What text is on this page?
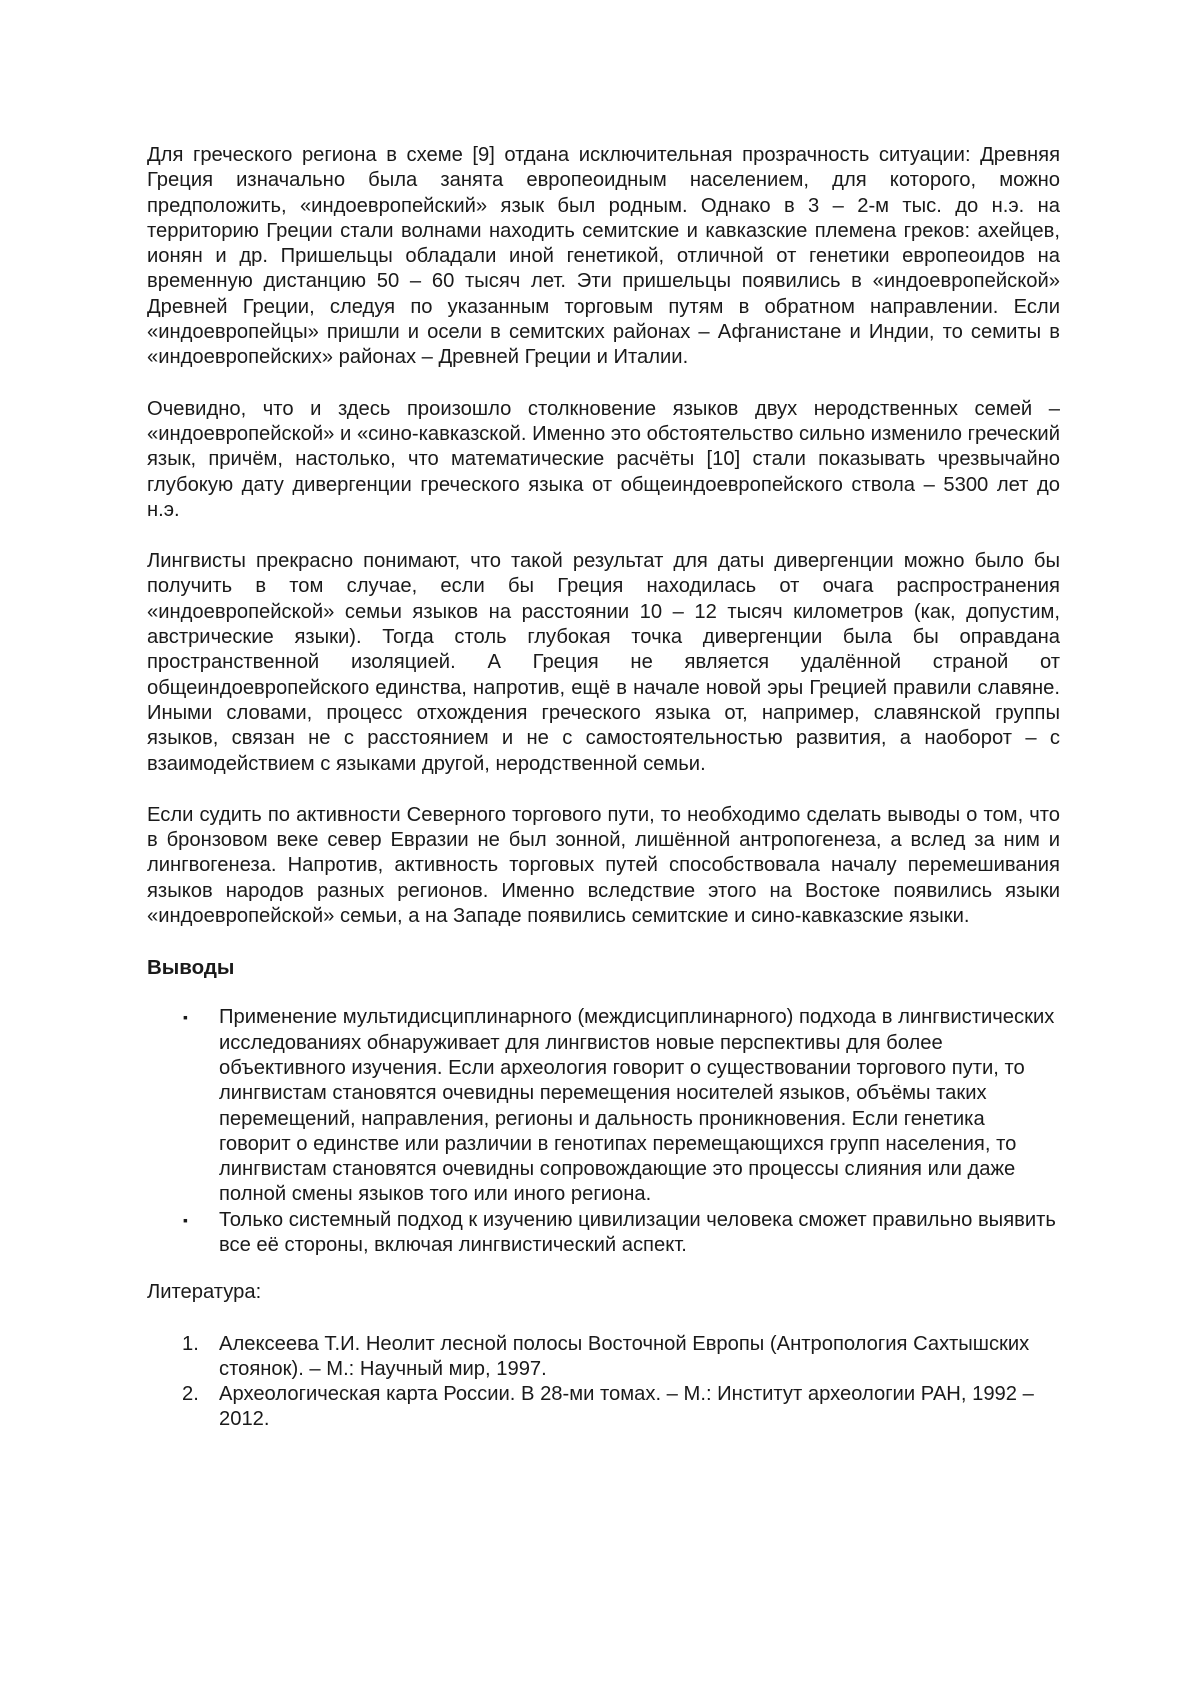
Для греческого региона в схеме [9] отдана исключительная прозрачность ситуации: Древняя Греция изначально была занята европеоидным населением, для которого, можно предположить, «индоевропейский» язык был родным. Однако в 3 – 2-м тыс. до н.э. на территорию Греции стали волнами находить семитские и кавказские племена греков: ахейцев, ионян и др. Пришельцы обладали иной генетикой, отличной от генетики европеоидов на временную дистанцию 50 – 60 тысяч лет. Эти пришельцы появились в «индоевропейской» Древней Греции, следуя по указанным торговым путям в обратном направлении. Если «индоевропейцы» пришли и осели в семитских районах – Афганистане и Индии, то семиты в «индоевропейских» районах – Древней Греции и Италии.

Очевидно, что и здесь произошло столкновение языков двух неродственных семей – «индоевропейской» и «сино-кавказской. Именно это обстоятельство сильно изменило греческий язык, причём, настолько, что математические расчёты [10] стали показывать чрезвычайно глубокую дату дивергенции греческого языка от общеиндоевропейского ствола – 5300 лет до н.э.

Лингвисты прекрасно понимают, что такой результат для даты дивергенции можно было бы получить в том случае, если бы Греция находилась от очага распространения «индоевропейской» семьи языков на расстоянии 10 – 12 тысяч километров (как, допустим, австрические языки). Тогда столь глубокая точка дивергенции была бы оправдана пространственной изоляцией. А Греция не является удалённой страной от общеиндоевропейского единства, напротив, ещё в начале новой эры Грецией правили славяне. Иными словами, процесс отхождения греческого языка от, например, славянской группы языков, связан не с расстоянием и не с самостоятельностью развития, а наоборот – с взаимодействием с языками другой, неродственной семьи.

Если судить по активности Северного торгового пути, то необходимо сделать выводы о том, что в бронзовом веке север Евразии не был зонной, лишённой антропогенеза, а вслед за ним и лингвогенеза. Напротив, активность торговых путей способствовала началу перемешивания языков народов разных регионов. Именно вследствие этого на Востоке появились языки «индоевропейской» семьи, а на Западе появились семитские и сино-кавказские языки.

Выводы
▪ Применение мультидисциплинарного (междисциплинарного) подхода в лингвистических исследованиях обнаруживает для лингвистов новые перспективы для более объективного изучения. Если археология говорит о существовании торгового пути, то лингвистам становятся очевидны перемещения носителей языков, объёмы таких перемещений, направления, регионы и дальность проникновения. Если генетика говорит о единстве или различии в генотипах перемещающихся групп населения, то лингвистам становятся очевидны сопровождающие это процессы слияния или даже полной смены языков того или иного региона.
▪ Только системный подход к изучению цивилизации человека сможет правильно выявить все её стороны, включая лингвистический аспект.

Литература:

1. Алексеева Т.И. Неолит лесной полосы Восточной Европы (Антропология Сахтышских стоянок). – М.: Научный мир, 1997.
2. Археологическая карта России. В 28-ми томах. – М.: Институт археологии РАН, 1992 – 2012.
